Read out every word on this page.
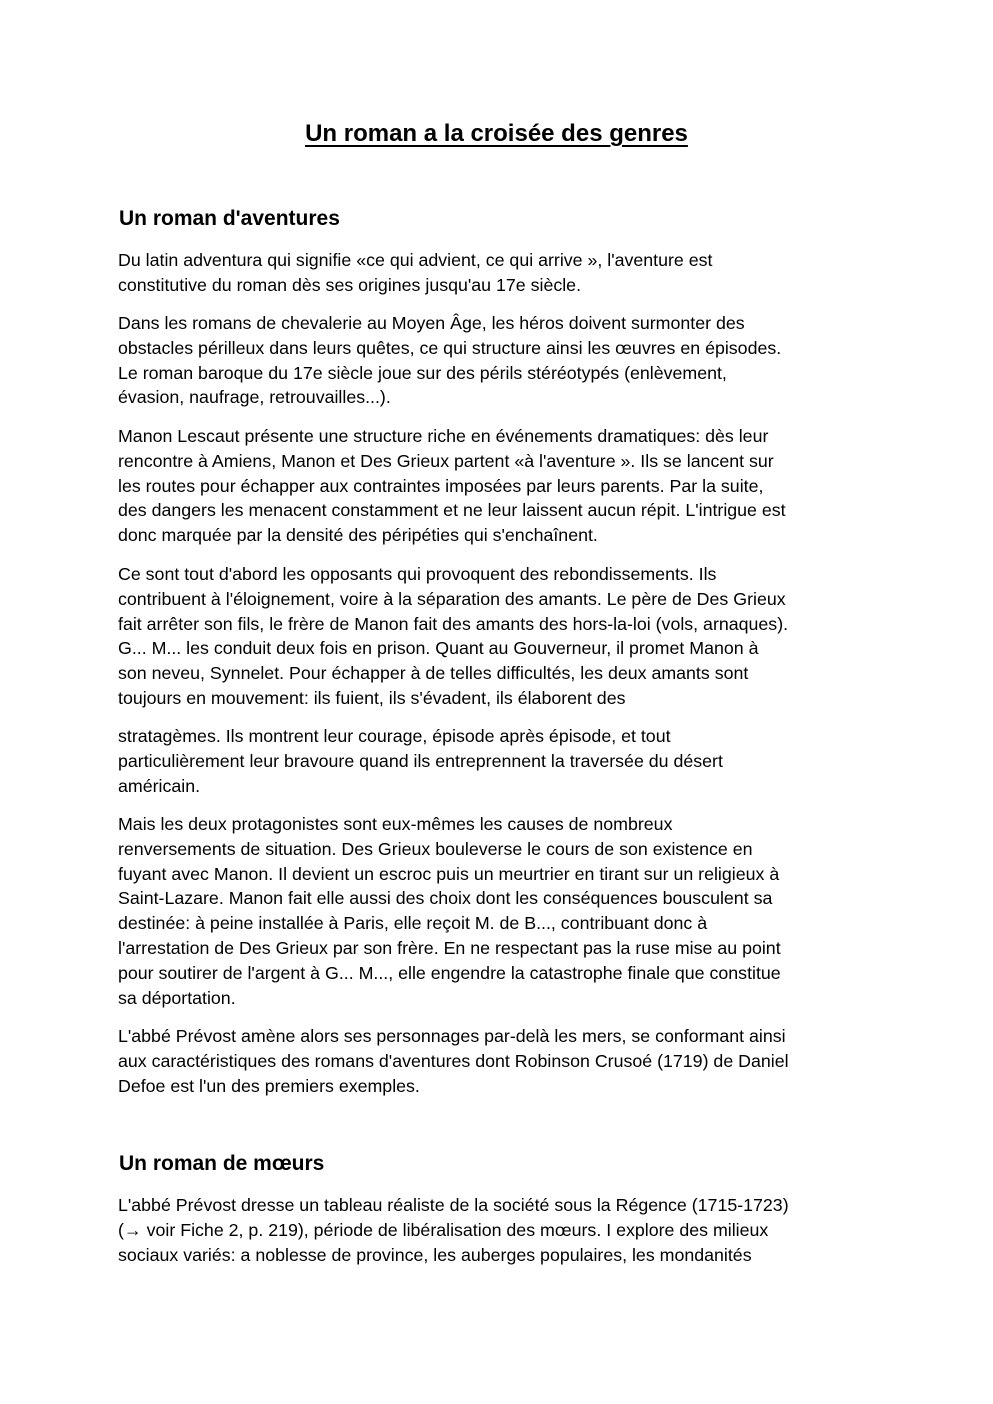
Un roman a la croisée des genres
Un roman d'aventures

Du latin adventura qui signifie «ce qui advient, ce qui arrive », l'aventure est
constitutive du roman dès ses origines jusqu'au 17e siècle.

Dans les romans de chevalerie au Moyen Âge, les héros doivent surmonter des
obstacles périlleux dans leurs quêtes, ce qui structure ainsi les œuvres en épisodes.
Le roman baroque du 17e siècle joue sur des périls stéréotypés (enlèvement,
évasion, naufrage, retrouvailles...).

Manon Lescaut présente une structure riche en événements dramatiques: dès leur
rencontre à Amiens, Manon et Des Grieux partent «à l'aventure ». Ils se lancent sur
les routes pour échapper aux contraintes imposées par leurs parents. Par la suite,
des dangers les menacent constamment et ne leur laissent aucun répit. L'intrigue est
donc marquée par la densité des péripéties qui s'enchaînent.

Ce sont tout d'abord les opposants qui provoquent des rebondissements. Ils
contribuent à l'éloignement, voire à la séparation des amants. Le père de Des Grieux
fait arrêter son fils, le frère de Manon fait des amants des hors-la-loi (vols, arnaques).
G... M... les conduit deux fois en prison. Quant au Gouverneur, il promet Manon à
son neveu, Synnelet. Pour échapper à de telles difficultés, les deux amants sont
toujours en mouvement: ils fuient, ils s'évadent, ils élaborent des

stratagèmes. Ils montrent leur courage, épisode après épisode, et tout
particulièrement leur bravoure quand ils entreprennent la traversée du désert
américain.

Mais les deux protagonistes sont eux-mêmes les causes de nombreux
renversements de situation. Des Grieux bouleverse le cours de son existence en
fuyant avec Manon. Il devient un escroc puis un meurtrier en tirant sur un religieux à
Saint-Lazare. Manon fait elle aussi des choix dont les conséquences bousculent sa
destinée: à peine installée à Paris, elle reçoit M. de B..., contribuant donc à
l'arrestation de Des Grieux par son frère. En ne respectant pas la ruse mise au point
pour soutirer de l'argent à G... M..., elle engendre la catastrophe finale que constitue
sa déportation.

L'abbé Prévost amène alors ses personnages par-delà les mers, se conformant ainsi
aux caractéristiques des romans d'aventures dont Robinson Crusoé (1719) de Daniel
Defoe est l'un des premiers exemples.

Un roman de mœurs

L'abbé Prévost dresse un tableau réaliste de la société sous la Régence (1715-1723)
(→ voir Fiche 2, p. 219), période de libéralisation des mœurs. I explore des milieux
sociaux variés: a noblesse de province, les auberges populaires, les mondanités
